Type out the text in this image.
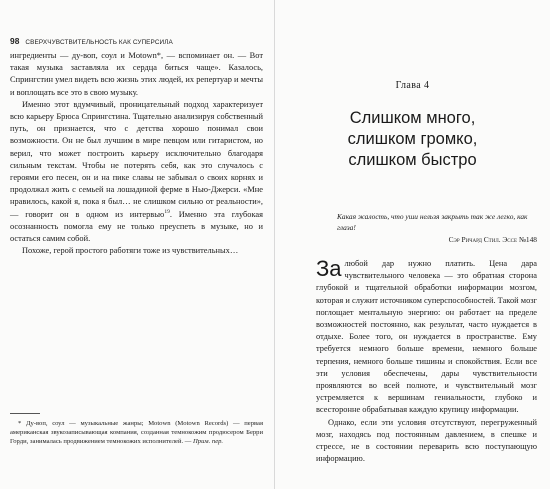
98 СВЕРХЧУВСТВИТЕЛЬНОСТЬ КАК СУПЕРСИЛА

ингредиенты — ду-воп, соул и Motown*, — вспоминает он. — Вот такая музыка заставляла их сердца биться чаще». Казалось, Спрингстин умел видеть всю жизнь этих людей, их репертуар и мечты и воплощать все это в свою музыку.

Именно этот вдумчивый, проницательный подход характеризует всю карьеру Брюса Спрингстина. Тщательно анализируя собственный путь, он признается, что с детства хорошо понимал свои возможности. Он не был лучшим в мире певцом или гитаристом, но верил, что может построить карьеру исключительно благодаря сильным текстам. Чтобы не потерять себя, как это случалось с героями его песен, он и на пике славы не забывал о своих корнях и продолжал жить с семьей на лошадиной ферме в Нью-Джерси. «Мне нравилось, какой я, пока я был… не слишком сильно от реальности», — говорит он в одном из интервью$^{19}$. Именно эта глубокая осознанность помогла ему не только преуспеть в музыке, но и остаться самим собой.

Похоже, герой простого работяги тоже из чувствительных…

* Ду-воп, соул — музыкальные жанры; Motown (Motown Records) — первая американская звукозаписывающая компания, созданная темнокожим продюсером Берри Горди, занималась продвижением темнокожих исполнителей. — Прим. пер.

Глава 4
Слишком много,
слишком громко,
слишком быстро
Какая жалость, что уши нельзя закрыть так же легко, как глаза!
Сэр Ричард Стил. Эссе №148

За любой дар нужно платить. Цена дара чувствительного человека — это обратная сторона глубокой и тщательной обработки информации мозгом, которая и служит источником суперспособностей. Такой мозг поглощает ментальную энергию: он работает на пределе возможностей постоянно, как результат, часто нуждается в отдыхе. Более того, он нуждается в пространстве. Ему требуется немного больше времени, немного больше терпения, немного больше тишины и спокойствия. Если все эти условия обеспечены, дары чувствительности проявляются во всей полноте, и чувствительный мозг устремляется к вершинам гениальности, глубоко и всесторонне обрабатывая каждую крупицу информации.

Однако, если эти условия отсутствуют, перегруженный мозг, находясь под постоянным давлением, в спешке и стрессе, не в состоянии переварить всю поступающую информацию.
